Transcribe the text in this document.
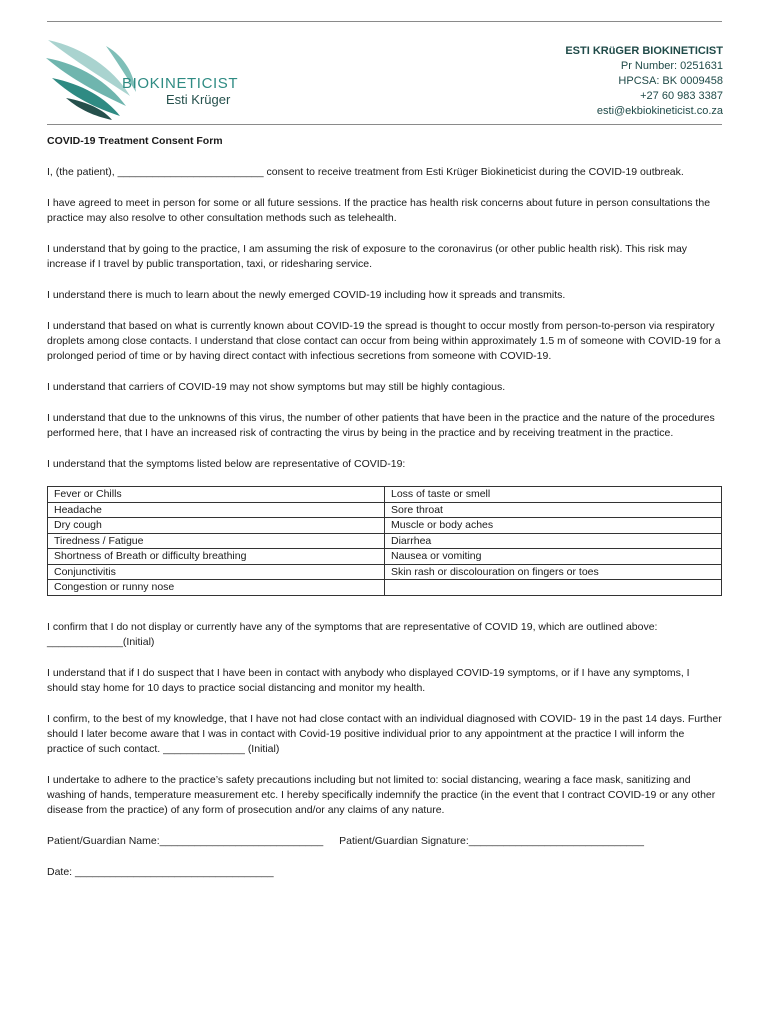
BIOKINETICIST
Esti Krüger
ESTI KRüGER BIOKINETICIST
Pr Number: 0251631
HPCSA: BK 0009458
+27 60 983 3387
esti@ekbiokineticist.co.za
COVID-19 Treatment Consent Form

I, (the patient), _________________________ consent to receive treatment from Esti Krüger Biokineticist during the COVID-19 outbreak.

I have agreed to meet in person for some or all future sessions. If the practice has health risk concerns about future in person consultations the practice may also resolve to other consultation methods such as telehealth.

I understand that by going to the practice, I am assuming the risk of exposure to the coronavirus (or other public health risk). This risk may increase if I travel by public transportation, taxi, or ridesharing service.

I understand there is much to learn about the newly emerged COVID-19 including how it spreads and transmits.

I understand that based on what is currently known about COVID-19 the spread is thought to occur mostly from person-to-person via respiratory droplets among close contacts. I understand that close contact can occur from being within approximately 1.5 m of someone with COVID-19 for a prolonged period of time or by having direct contact with infectious secretions from someone with COVID-19.

I understand that carriers of COVID-19 may not show symptoms but may still be highly contagious.

I understand that due to the unknowns of this virus, the number of other patients that have been in the practice and the nature of the procedures performed here, that I have an increased risk of contracting the virus by being in the practice and by receiving treatment in the practice.

I understand that the symptoms listed below are representative of COVID-19:

Fever or Chills	Loss of taste or smell
Headache	Sore throat
Dry cough	Muscle or body aches
Tiredness / Fatigue	Diarrhea
Shortness of Breath or difficulty breathing	Nausea or vomiting
Conjunctivitis	Skin rash or discolouration on fingers or toes
Congestion or runny nose	

I confirm that I do not display or currently have any of the symptoms that are representative of COVID 19, which are outlined above: _____________(Initial)

I understand that if I do suspect that I have been in contact with anybody who displayed COVID-19 symptoms, or if I have any symptoms, I should stay home for 10 days to practice social distancing and monitor my health.

I confirm, to the best of my knowledge, that I have not had close contact with an individual diagnosed with COVID- 19 in the past 14 days. Further should I later become aware that I was in contact with Covid-19 positive individual prior to any appointment at the practice I will inform the practice of such contact. ______________ (Initial)

I undertake to adhere to the practice’s safety precautions including but not limited to: social distancing, wearing a face mask, sanitizing and washing of hands, temperature measurement etc. I hereby specifically indemnify the practice (in the event that I contract COVID-19 or any other disease from the practice) of any form of prosecution and/or any claims of any nature.

Patient/Guardian Name:____________________________ Patient/Guardian Signature:______________________________

Date: __________________________________
